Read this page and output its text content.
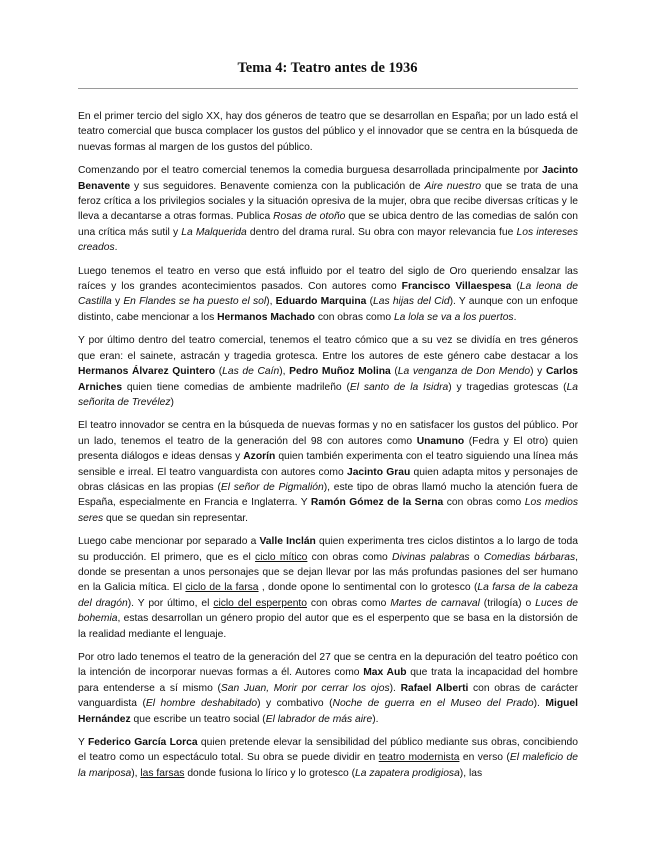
Tema 4: Teatro antes de 1936

En el primer tercio del siglo XX, hay dos géneros de teatro que se desarrollan en España; por un lado está el teatro comercial que busca complacer los gustos del público y el innovador que se centra en la búsqueda de nuevas formas al margen de los gustos del público.

Comenzando por el teatro comercial tenemos la comedia burguesa desarrollada principalmente por Jacinto Benavente y sus seguidores. Benavente comienza con la publicación de Aire nuestro que se trata de una feroz crítica a los privilegios sociales y la situación opresiva de la mujer, obra que recibe diversas críticas y le lleva a decantarse a otras formas. Publica Rosas de otoño que se ubica dentro de las comedias de salón con una crítica más sutil y La Malquerida dentro del drama rural. Su obra con mayor relevancia fue Los intereses creados.

Luego tenemos el teatro en verso que está influido por el teatro del siglo de Oro queriendo ensalzar las raíces y los grandes acontecimientos pasados. Con autores como Francisco Villaespesa (La leona de Castilla y En Flandes se ha puesto el sol), Eduardo Marquina (Las hijas del Cid). Y aunque con un enfoque distinto, cabe mencionar a los Hermanos Machado con obras como La lola se va a los puertos.

Y por último dentro del teatro comercial, tenemos el teatro cómico que a su vez se dividía en tres géneros que eran: el sainete, astracán y tragedia grotesca. Entre los autores de este género cabe destacar a los Hermanos Álvarez Quintero (Las de Caín), Pedro Muñoz Molina (La venganza de Don Mendo) y Carlos Arniches quien tiene comedias de ambiente madrileño (El santo de la Isidra) y tragedias grotescas (La señorita de Trevélez)

El teatro innovador se centra en la búsqueda de nuevas formas y no en satisfacer los gustos del público. Por un lado, tenemos el teatro de la generación del 98 con autores como Unamuno (Fedra y El otro) quien presenta diálogos e ideas densas y Azorín quien también experimenta con el teatro siguiendo una línea más sensible e irreal. El teatro vanguardista con autores como Jacinto Grau quien adapta mitos y personajes de obras clásicas en las propias (El señor de Pigmalión), este tipo de obras llamó mucho la atención fuera de España, especialmente en Francia e Inglaterra. Y Ramón Gómez de la Serna con obras como Los medios seres que se quedan sin representar.

Luego cabe mencionar por separado a Valle Inclán quien experimenta tres ciclos distintos a lo largo de toda su producción. El primero, que es el ciclo mítico con obras como Divinas palabras o Comedias bárbaras, donde se presentan a unos personajes que se dejan llevar por las más profundas pasiones del ser humano en la Galicia mítica. El ciclo de la farsa , donde opone lo sentimental con lo grotesco (La farsa de la cabeza del dragón). Y por último, el ciclo del esperpento con obras como Martes de carnaval (trilogía) o Luces de bohemia, estas desarrollan un género propio del autor que es el esperpento que se basa en la distorsión de la realidad mediante el lenguaje.

Por otro lado tenemos el teatro de la generación del 27 que se centra en la depuración del teatro poético con la intención de incorporar nuevas formas a él. Autores como Max Aub que trata la incapacidad del hombre para entenderse a sí mismo (San Juan, Morir por cerrar los ojos). Rafael Alberti con obras de carácter vanguardista (El hombre deshabitado) y combativo (Noche de guerra en el Museo del Prado). Miguel Hernández que escribe un teatro social (El labrador de más aire).

Y Federico García Lorca quien pretende elevar la sensibilidad del público mediante sus obras, concibiendo el teatro como un espectáculo total. Su obra se puede dividir en teatro modernista en verso (El maleficio de la mariposa), las farsas donde fusiona lo lírico y lo grotesco (La zapatera prodigiosa), las
